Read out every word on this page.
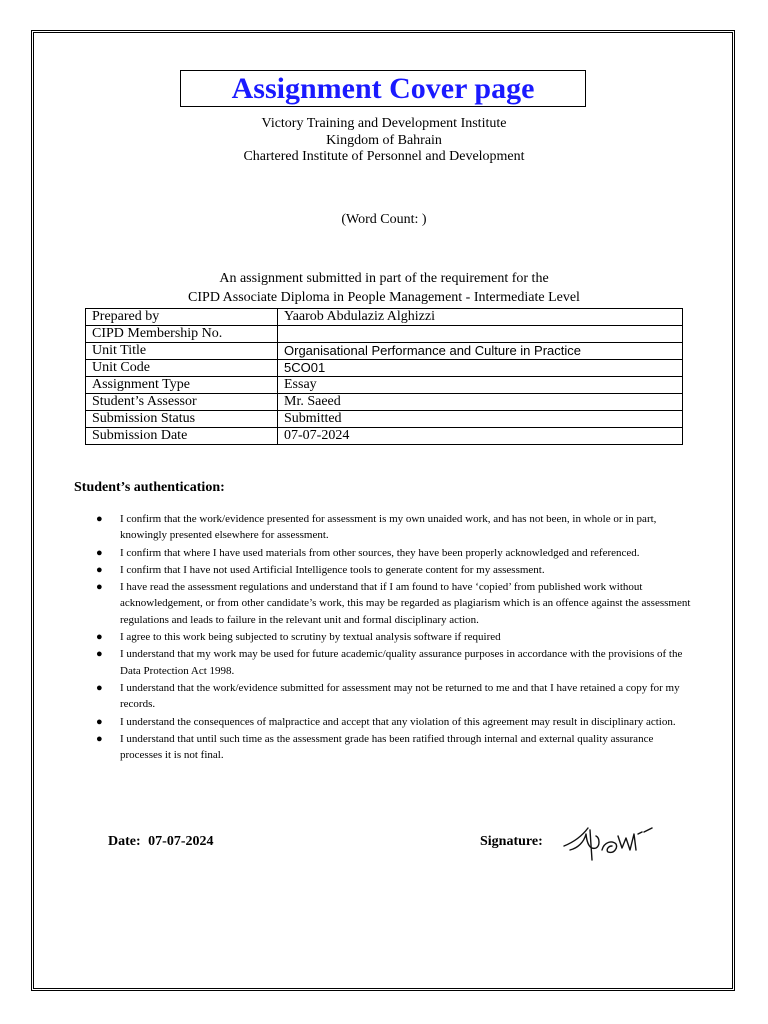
Assignment Cover page
Victory Training and Development Institute
Kingdom of Bahrain
Chartered Institute of Personnel and Development
(Word Count: )
An assignment submitted in part of the requirement for the
CIPD Associate Diploma in People Management - Intermediate Level
Prepared by	Yaarob Abdulaziz Alghizzi
CIPD Membership No.	
Unit Title	Organisational Performance and Culture in Practice
Unit Code	5CO01
Assignment Type	Essay
Student’s Assessor	Mr. Saeed
Submission Status	Submitted
Submission Date	07-07-2024
Student’s authentication:
● I confirm that the work/evidence presented for assessment is my own unaided work, and has not been, in whole or in part, knowingly presented elsewhere for assessment.
● I confirm that where I have used materials from other sources, they have been properly acknowledged and referenced.
● I confirm that I have not used Artificial Intelligence tools to generate content for my assessment.
● I have read the assessment regulations and understand that if I am found to have ‘copied’ from published work without acknowledgement, or from other candidate’s work, this may be regarded as plagiarism which is an offence against the assessment regulations and leads to failure in the relevant unit and formal disciplinary action.
● I agree to this work being subjected to scrutiny by textual analysis software if required
● I understand that my work may be used for future academic/quality assurance purposes in accordance with the provisions of the Data Protection Act 1998.
● I understand that the work/evidence submitted for assessment may not be returned to me and that I have retained a copy for my records.
● I understand the consequences of malpractice and accept that any violation of this agreement may result in disciplinary action.
● I understand that until such time as the assessment grade has been ratified through internal and external quality assurance processes it is not final.
Date: 07-07-2024	Signature:
